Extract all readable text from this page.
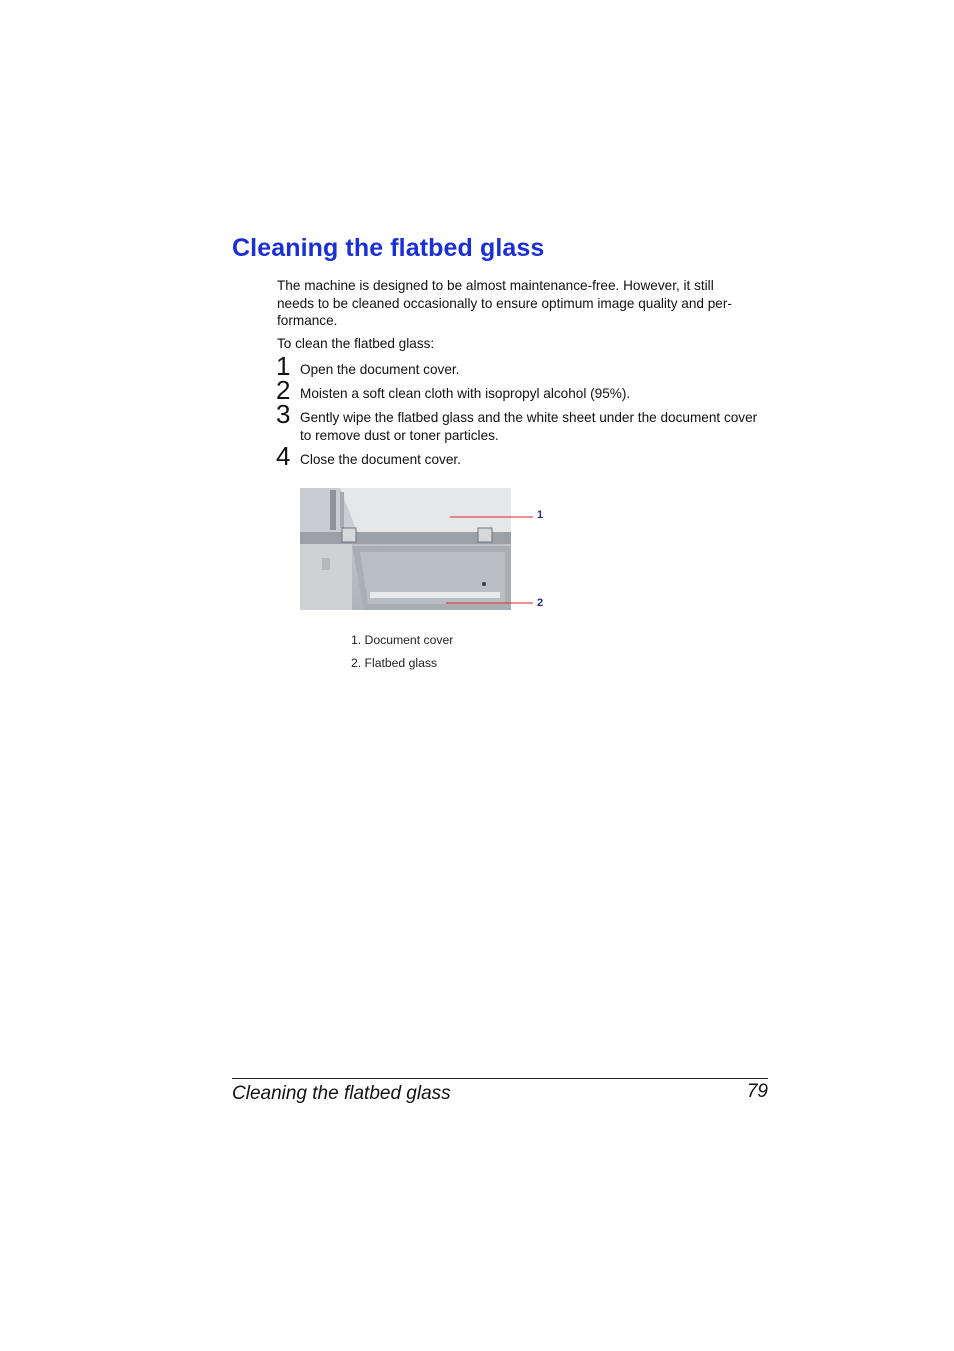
Cleaning the flatbed glass

The machine is designed to be almost maintenance-free. However, it still
needs to be cleaned occasionally to ensure optimum image quality and per-
formance.

To clean the flatbed glass:

1 Open the document cover.
2 Moisten a soft clean cloth with isopropyl alcohol (95%).
3 Gently wipe the flatbed glass and the white sheet under the document cover to remove dust or toner particles.
4 Close the document cover.
1
2
1. Document cover
2. Flatbed glass
Cleaning the flatbed glass	79
